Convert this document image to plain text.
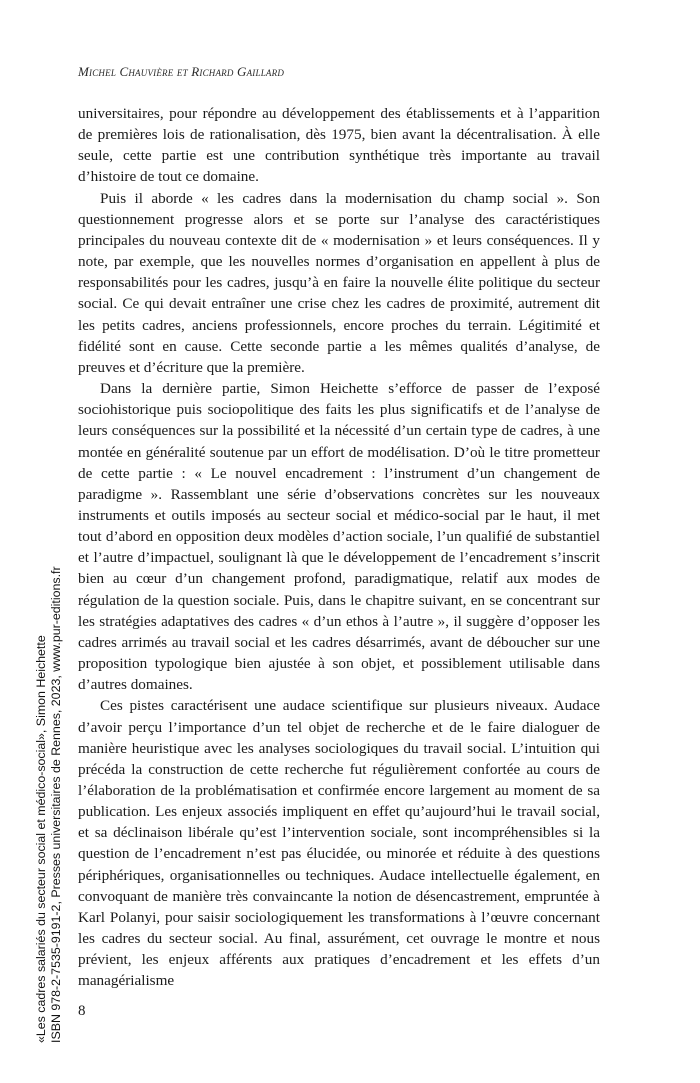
Michel Chauvière et Richard Gaillard

universitaires, pour répondre au développement des établissements et à l’apparition de premières lois de rationalisation, dès 1975, bien avant la décentralisation. À elle seule, cette partie est une contribution synthétique très importante au travail d’histoire de tout ce domaine.

Puis il aborde « les cadres dans la modernisation du champ social ». Son questionnement progresse alors et se porte sur l’analyse des caractéristiques principales du nouveau contexte dit de « modernisation » et leurs conséquences. Il y note, par exemple, que les nouvelles normes d’organisation en appellent à plus de responsabilités pour les cadres, jusqu’à en faire la nouvelle élite politique du secteur social. Ce qui devait entraîner une crise chez les cadres de proximité, autrement dit les petits cadres, anciens professionnels, encore proches du terrain. Légitimité et fidélité sont en cause. Cette seconde partie a les mêmes qualités d’analyse, de preuves et d’écriture que la première.

Dans la dernière partie, Simon Heichette s’efforce de passer de l’exposé sociohistorique puis sociopolitique des faits les plus significatifs et de l’analyse de leurs conséquences sur la possibilité et la nécessité d’un certain type de cadres, à une montée en généralité soutenue par un effort de modélisation. D’où le titre prometteur de cette partie : « Le nouvel encadrement : l’instrument d’un changement de paradigme ». Rassemblant une série d’observations concrètes sur les nouveaux instruments et outils imposés au secteur social et médico-social par le haut, il met tout d’abord en opposition deux modèles d’action sociale, l’un qualifié de substantiel et l’autre d’impactuel, soulignant là que le développement de l’encadrement s’inscrit bien au cœur d’un changement profond, paradigmatique, relatif aux modes de régulation de la question sociale. Puis, dans le chapitre suivant, en se concentrant sur les stratégies adaptatives des cadres « d’un ethos à l’autre », il suggère d’opposer les cadres arrimés au travail social et les cadres désarrimés, avant de déboucher sur une proposition typologique bien ajustée à son objet, et possiblement utilisable dans d’autres domaines.

Ces pistes caractérisent une audace scientifique sur plusieurs niveaux. Audace d’avoir perçu l’importance d’un tel objet de recherche et de le faire dialoguer de manière heuristique avec les analyses sociologiques du travail social. L’intuition qui précéda la construction de cette recherche fut régulièrement confortée au cours de l’élaboration de la problématisation et confirmée encore largement au moment de sa publication. Les enjeux associés impliquent en effet qu’aujourd’hui le travail social, et sa déclinaison libérale qu’est l’intervention sociale, sont incompréhensibles si la question de l’encadrement n’est pas élucidée, ou minorée et réduite à des questions périphériques, organisationnelles ou techniques. Audace intellectuelle également, en convoquant de manière très convaincante la notion de désencastrement, empruntée à Karl Polanyi, pour saisir sociologiquement les transformations à l’œuvre concernant les cadres du secteur social. Au final, assurément, cet ouvrage le montre et nous prévient, les enjeux afférents aux pratiques d’encadrement et les effets d’un managérialisme

8
«Les cadres salariés du secteur social et médico-social», Simon Heichette ISBN 978-2-7535-9191-2, Presses universitaires de Rennes, 2023, www.pur-editions.fr
